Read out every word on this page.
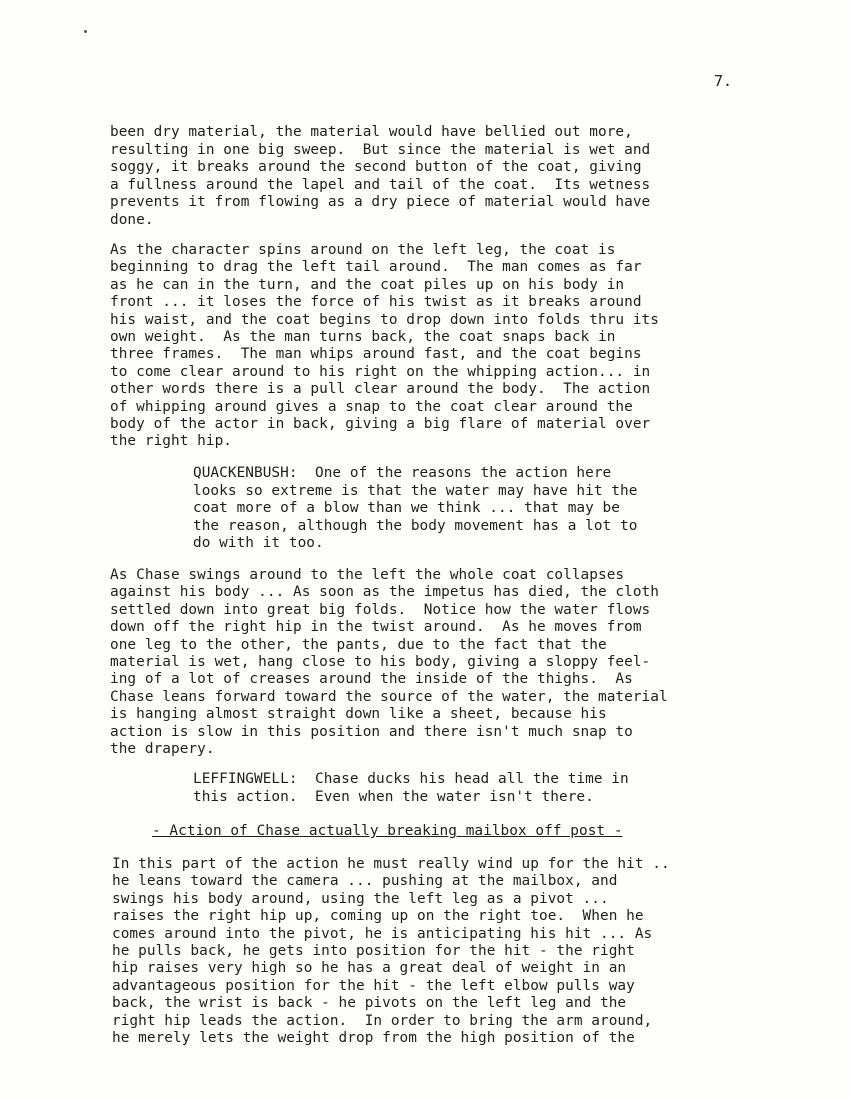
7.
been dry material, the material would have bellied out more,
resulting in one big sweep.  But since the material is wet and
soggy, it breaks around the second button of the coat, giving
a fullness around the lapel and tail of the coat.  Its wetness
prevents it from flowing as a dry piece of material would have
done.
As the character spins around on the left leg, the coat is
beginning to drag the left tail around.  The man comes as far
as he can in the turn, and the coat piles up on his body in
front ... it loses the force of his twist as it breaks around
his waist, and the coat begins to drop down into folds thru its
own weight.  As the man turns back, the coat snaps back in
three frames.  The man whips around fast, and the coat begins
to come clear around to his right on the whipping action... in
other words there is a pull clear around the body.  The action
of whipping around gives a snap to the coat clear around the
body of the actor in back, giving a big flare of material over
the right hip.
QUACKENBUSH:  One of the reasons the action here
looks so extreme is that the water may have hit the
coat more of a blow than we think ... that may be
the reason, although the body movement has a lot to
do with it too.
As Chase swings around to the left the whole coat collapses
against his body ... As soon as the impetus has died, the cloth
settled down into great big folds.  Notice how the water flows
down off the right hip in the twist around.  As he moves from
one leg to the other, the pants, due to the fact that the
material is wet, hang close to his body, giving a sloppy feel-
ing of a lot of creases around the inside of the thighs.  As
Chase leans forward toward the source of the water, the material
is hanging almost straight down like a sheet, because his
action is slow in this position and there isn't much snap to
the drapery.
LEFFINGWELL:  Chase ducks his head all the time in
this action.  Even when the water isn't there.
- Action of Chase actually breaking mailbox off post -
In this part of the action he must really wind up for the hit ..
he leans toward the camera ... pushing at the mailbox, and
swings his body around, using the left leg as a pivot ...
raises the right hip up, coming up on the right toe.  When he
comes around into the pivot, he is anticipating his hit ... As
he pulls back, he gets into position for the hit - the right
hip raises very high so he has a great deal of weight in an
advantageous position for the hit - the left elbow pulls way
back, the wrist is back - he pivots on the left leg and the
right hip leads the action.  In order to bring the arm around,
he merely lets the weight drop from the high position of the
